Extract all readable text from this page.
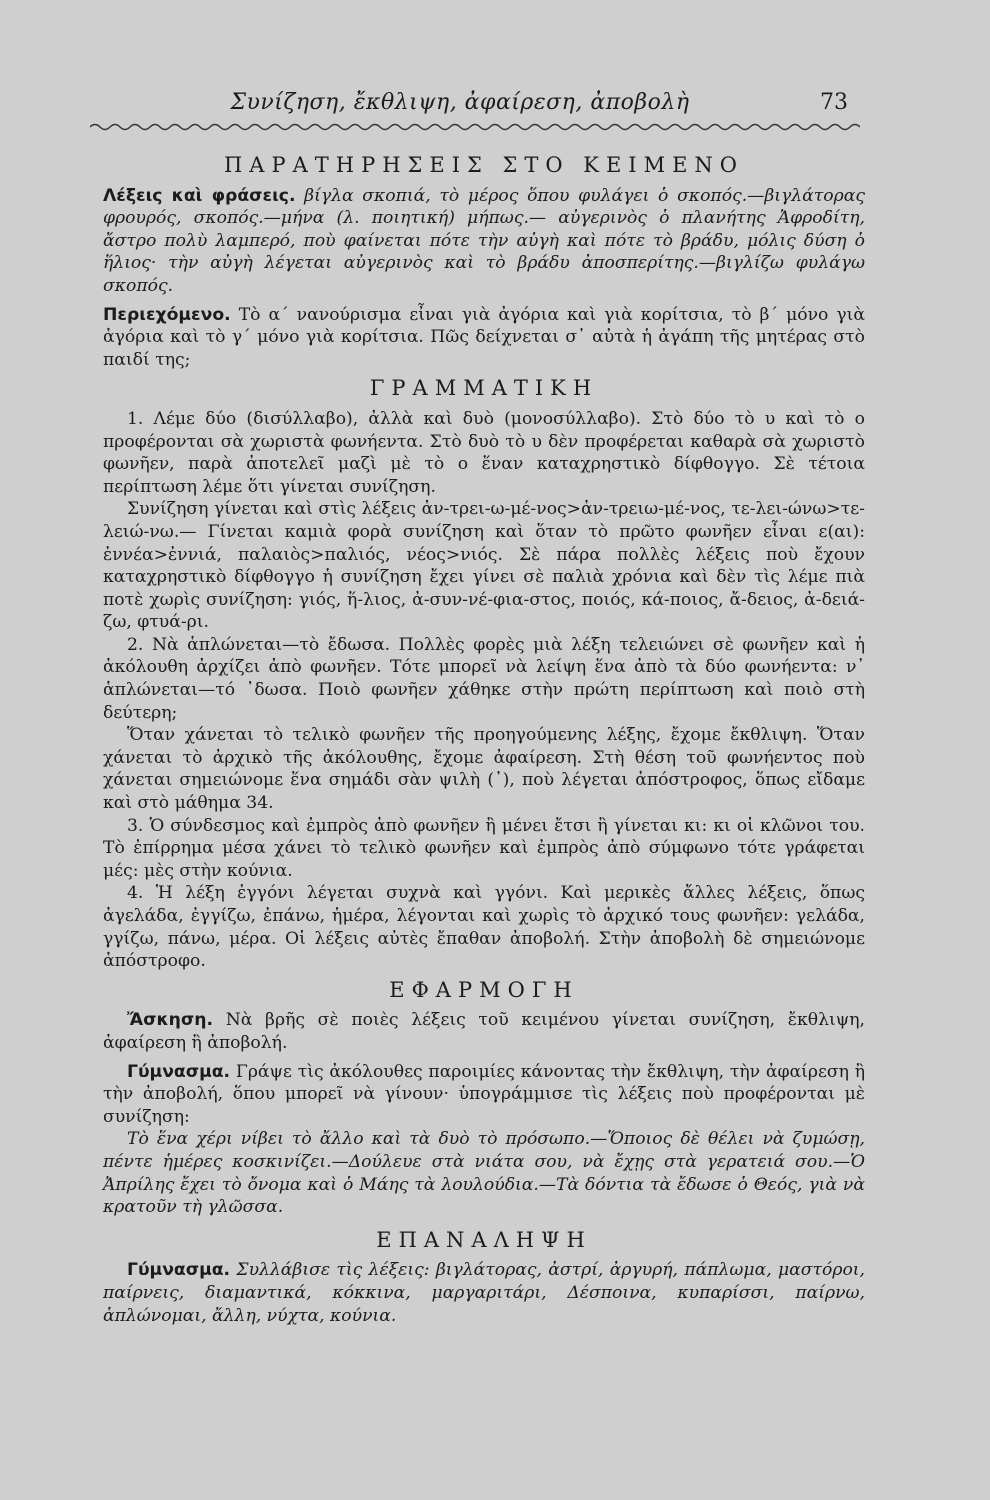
Συνίζηση, ἔκθλιψη, ἀφαίρεση, ἀποβολὴ	73
ΠΑΡΑΤΗΡΗΣΕΙΣ ΣΤΟ ΚΕΙΜΕΝΟ

Λέξεις καὶ φράσεις. βίγλα σκοπιά, τὸ μέρος ὅπου φυλάγει ὁ σκοπός.—βιγλάτορας φρουρός, σκοπός.—μήνα (λ. ποιητική) μήπως.— αὐγερινὸς ὁ πλανήτης Ἀφροδίτη, ἄστρο πολὺ λαμπερό, ποὺ φαίνεται πότε τὴν αὐγὴ καὶ πότε τὸ βράδυ, μόλις δύση ὁ ἥλιος· τὴν αὐγὴ λέγεται αὐγερινὸς καὶ τὸ βράδυ ἀποσπερίτης.—βιγλίζω φυλάγω σκοπός.

Περιεχόμενο. Τὸ α΄ νανούρισμα εἶναι γιὰ ἀγόρια καὶ γιὰ κορίτσια, τὸ β΄ μόνο γιὰ ἀγόρια καὶ τὸ γ΄ μόνο γιὰ κορίτσια. Πῶς δείχνεται σ᾽ αὐτὰ ἡ ἀγάπη τῆς μητέρας στὸ παιδί της;

ΓΡΑΜΜΑΤΙΚΗ

1. Λέμε δύο (δισύλλαβο), ἀλλὰ καὶ δυὸ (μονοσύλλαβο). Στὸ δύο τὸ υ καὶ τὸ ο προφέρονται σὰ χωριστὰ φωνήεντα. Στὸ δυὸ τὸ υ δὲν προφέρεται καθαρὰ σὰ χωριστὸ φωνῆεν, παρὰ ἀποτελεῖ μαζὶ μὲ τὸ ο ἕναν καταχρηστικὸ δίφθογγο. Σὲ τέτοια περίπτωση λέμε ὅτι γίνεται συνίζηση.

Συνίζηση γίνεται καὶ στὶς λέξεις ἀν-τρει-ω-μέ-νος>ἀν-τρειω-μέ-νος, τε-λει-ώνω>τε-λειώ-νω.— Γίνεται καμιὰ φορὰ συνίζηση καὶ ὅταν τὸ πρῶτο φωνῆεν εἶναι ε(αι): ἐννέα>ἐννιά, παλαιὸς>παλιός, νέος>νιός. Σὲ πάρα πολλὲς λέξεις ποὺ ἔχουν καταχρηστικὸ δίφθογγο ἡ συνίζηση ἔχει γίνει σὲ παλιὰ χρόνια καὶ δὲν τὶς λέμε πιὰ ποτὲ χωρὶς συνίζηση: γιός, ἥ-λιος, ἀ-συν-νέ-φια-στος, ποιός, κά-ποιος, ἄ-δειος, ἀ-δειά-ζω, φτυά-ρι.

2. Νὰ ἁπλώνεται—τὸ ἔδωσα. Πολλὲς φορὲς μιὰ λέξη τελειώνει σὲ φωνῆεν καὶ ἡ ἀκόλουθη ἀρχίζει ἀπὸ φωνῆεν. Τότε μπορεῖ νὰ λείψη ἕνα ἀπὸ τὰ δύο φωνήεντα: ν᾽ ἁπλώνεται—τό ᾽δωσα. Ποιὸ φωνῆεν χάθηκε στὴν πρώτη περίπτωση καὶ ποιὸ στὴ δεύτερη;

Ὅταν χάνεται τὸ τελικὸ φωνῆεν τῆς προηγούμενης λέξης, ἔχομε ἔκθλιψη. Ὅταν χάνεται τὸ ἀρχικὸ τῆς ἀκόλουθης, ἔχομε ἀφαίρεση. Στὴ θέση τοῦ φωνήεντος ποὺ χάνεται σημειώνομε ἕνα σημάδι σὰν ψιλὴ (᾽), ποὺ λέγεται ἀπόστροφος, ὅπως εἴδαμε καὶ στὸ μάθημα 34.

3. Ὁ σύνδεσμος καὶ ἐμπρὸς ἀπὸ φωνῆεν ἢ μένει ἔτσι ἢ γίνεται κι: κι οἱ κλῶνοι του. Τὸ ἐπίρρημα μέσα χάνει τὸ τελικὸ φωνῆεν καὶ ἐμπρὸς ἀπὸ σύμφωνο τότε γράφεται μές: μὲς στὴν κούνια.

4. Ἡ λέξη ἐγγόνι λέγεται συχνὰ καὶ γγόνι. Καὶ μερικὲς ἄλλες λέξεις, ὅπως ἀγελάδα, ἐγγίζω, ἐπάνω, ἡμέρα, λέγονται καὶ χωρὶς τὸ ἀρχικό τους φωνῆεν: γελάδα, γγίζω, πάνω, μέρα. Οἱ λέξεις αὐτὲς ἔπαθαν ἀποβολή. Στὴν ἀποβολὴ δὲ σημειώνομε ἀπόστροφο.

ΕΦΑΡΜΟΓΗ

Ἄσκηση. Νὰ βρῆς σὲ ποιὲς λέξεις τοῦ κειμένου γίνεται συνίζηση, ἔκθλιψη, ἀφαίρεση ἢ ἀποβολή.

Γύμνασμα. Γράψε τὶς ἀκόλουθες παροιμίες κάνοντας τὴν ἔκθλιψη, τὴν ἀφαίρεση ἢ τὴν ἀποβολή, ὅπου μπορεῖ νὰ γίνουν· ὑπογράμμισε τὶς λέξεις ποὺ προφέρονται μὲ συνίζηση:

Τὸ ἕνα χέρι νίβει τὸ ἄλλο καὶ τὰ δυὸ τὸ πρόσωπο.—Ὅποιος δὲ θέλει νὰ ζυμώσῃ, πέντε ἡμέρες κοσκινίζει.—Δούλευε στὰ νιάτα σου, νὰ ἔχῃς στὰ γερατειά σου.—Ὁ Ἀπρίλης ἔχει τὸ ὄνομα καὶ ὁ Μάης τὰ λουλούδια.—Τὰ δόντια τὰ ἔδωσε ὁ Θεός, γιὰ νὰ κρατοῦν τὴ γλῶσσα.

ΕΠΑΝΑΛΗΨΗ

Γύμνασμα. Συλλάβισε τὶς λέξεις: βιγλάτορας, ἀστρί, ἀργυρή, πάπλωμα, μαστόροι, παίρνεις, διαμαντικά, κόκκινα, μαργαριτάρι, Δέσποινα, κυπαρίσσι, παίρνω, ἁπλώνομαι, ἄλλη, νύχτα, κούνια.
